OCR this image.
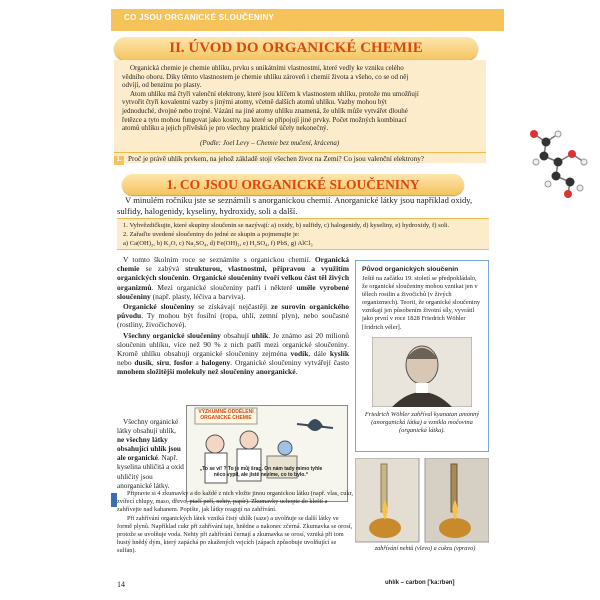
CO JSOU ORGANICKÉ SLOUČENINY
II. ÚVOD DO ORGANICKÉ CHEMIE

Organická chemie je chemie uhlíku, prvku s unikátními vlastnostmi, které vedly ke vzniku celého vědního oboru. Díky těmto vlastnostem je chemie uhlíku zároveň i chemií života a všeho, co se od něj odvíjí, od benzinu po plasty.

Atom uhlíku má čtyři valenční elektrony, které jsou klíčem k vlastnostem uhlíku, protože mu umožňují vytvořit čtyři kovalentní vazby s jinými atomy, včetně dalších atomů uhlíku. Vazby mohou být jednoduché, dvojné nebo trojné. Vázání na jiné atomy uhlíku znamená, že uhlík může vytvářet dlouhé řetězce a tyto mohou fungovat jako kostry, na které se připojují jiné prvky. Počet možných kombinací atomů uhlíku a jejich přívěsků je pro všechny praktické účely nekonečný.

(Podle: Joel Levy – Chemie bez mučení, krácena)
1. Proč je právě uhlík prvkem, na jehož základě stojí všechen život na Zemi? Co jsou valenční elektrony?
1. CO JSOU ORGANICKÉ SLOUČENINY

V minulém ročníku jste se seznámili s anorganickou chemií. Anorganické látky jsou například oxidy, sulfidy, halogenidy, kyseliny, hydroxidy, soli a další.

1. Vyhvězdičkujte, které skupiny sloučenin se nazývají: a) oxidy, b) sulfidy, c) halogenidy, d) kyseliny, e) hydroxidy, f) soli.

2. Zařaďte uvedené sloučeniny do jedné ze skupin a pojmenujte je:

a) Ca(OH)₂, b) K₂O, c) Na₂SO₄, d) Fe(OH)₃, e) H₂SO₄, f) PbS, g) AlCl₃

V tomto školním roce se seznámíte s organickou chemií. Organická chemie se zabývá strukturou, vlastnostmi, přípravou a využitím organických sloučenin. Organické sloučeniny tvoří velkou část těl živých organizmů. Mezi organické sloučeniny patří i některé uměle vyrobené sloučeniny (např. plasty, léčiva a barviva).

Organické sloučeniny se získávají nejčastěji ze surovin organického původu. Ty mohou být fosilní (ropa, uhlí, zemní plyn), nebo současné (rostliny, živočichové).

Všechny organické sloučeniny obsahují uhlík. Je známo asi 20 milionů sloučenin uhlíku, více než 90 % z nich patří mezi organické sloučeniny. Kromě uhlíku obsahují organické sloučeniny zejména vodík, dále kyslík nebo dusík, síru, fosfor a halogeny. Organické sloučeniny vytvářejí často mnohem složitější molekuly než sloučeniny anorganické.

Všechny organické látky obsahují uhlík, ne všechny látky obsahující uhlík jsou ale organické. Např. kyselina uhličitá a oxid uhličitý jsou anorganické látky.

VÝZKUMNÉ ODDĚLENÍ ORGANICKÉ CHEMIE
„To se ví! ? To je můj šrag. On nám tady mimo tyhle něco vypil, ale jistě nevíme, co to bylo.“
Původ organických sloučenin
Ještě na začátku 19. století se předpokládalo, že organické sloučeniny mohou vznikat jen v tělech rostlin a živočichů (v živých organizmech). Teorii, že organické sloučeniny vznikají jen působením životní síly, vyvrátil jako první v roce 1828 Friedrich Wöhler [fridrich véler].
Friedrich Wöhler zahříval kyanatan amonný (anorganická látka) a vznikla močovina (organická látka).

Připravte si 4 zkumavky a do každé z nich vložte jinou organickou látku (např. vlas, cukr, zvířecí chlupy, maso, dřevo, ptačí peří, nehty, papír). Zkumavky uchopte do kleští a zahřívejte nad kahanem. Popište, jak látky reagují na zahřívání.

Při zahřívání organických látek vzniká čistý uhlík (saze) a uvolňuje se další látky ve formě plynů. Například cukr při zahřívání taje, hnědne a nakonec zčerná. Zkumavka se orosí, protože se uvolňuje voda. Nehty při zahřívání černají a zkumavka se orosí, vzniká při tom hustý hnědý dým, který zapáchá po zkažených vejcích (zápach způsobuje uvolňující se sulfan).	zahřívání nehtů (vlevo) a cukru (vpravo)
14	uhlík – carbon ['ka:rbən]
